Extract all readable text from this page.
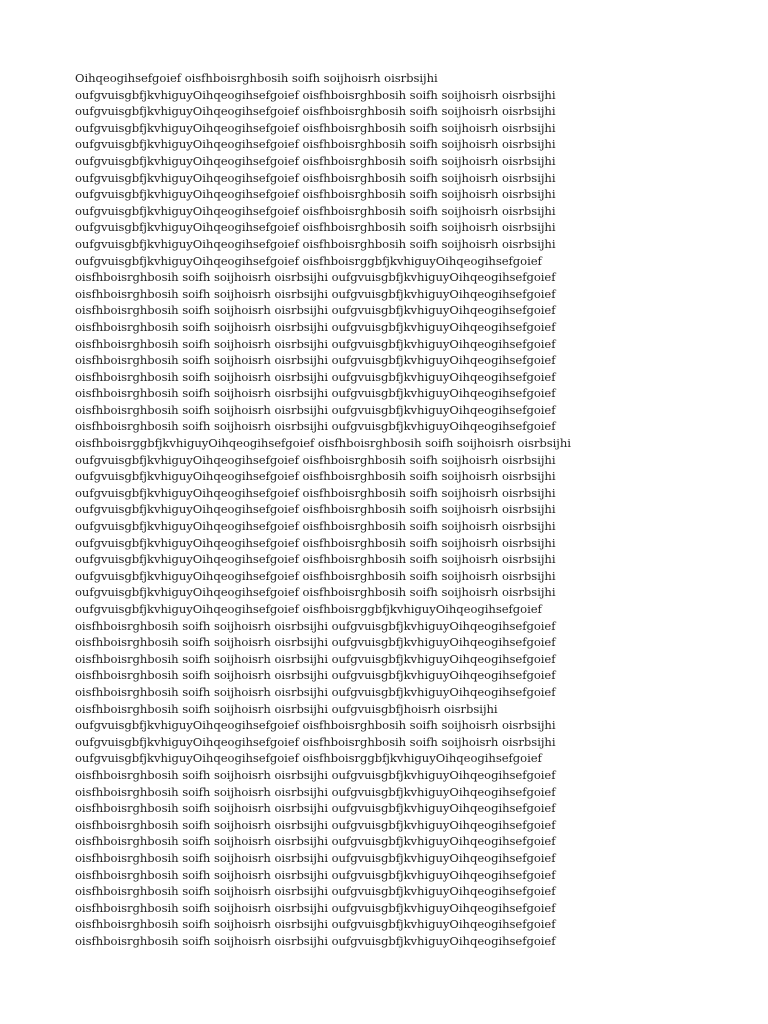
Oihqeogihsefgoief oisfhboisrghbosih soifh soijhoisrh oisrbsijhi
oufgvuisgbfjkvhiguyOihqeogihsefgoief oisfhboisrghbosih soifh soijhoisrh oisrbsijhi
oufgvuisgbfjkvhiguyOihqeogihsefgoief oisfhboisrghbosih soifh soijhoisrh oisrbsijhi
oufgvuisgbfjkvhiguyOihqeogihsefgoief oisfhboisrghbosih soifh soijhoisrh oisrbsijhi
oufgvuisgbfjkvhiguyOihqeogihsefgoief oisfhboisrghbosih soifh soijhoisrh oisrbsijhi
oufgvuisgbfjkvhiguyOihqeogihsefgoief oisfhboisrghbosih soifh soijhoisrh oisrbsijhi
oufgvuisgbfjkvhiguyOihqeogihsefgoief oisfhboisrghbosih soifh soijhoisrh oisrbsijhi
oufgvuisgbfjkvhiguyOihqeogihsefgoief oisfhboisrghbosih soifh soijhoisrh oisrbsijhi
oufgvuisgbfjkvhiguyOihqeogihsefgoief oisfhboisrghbosih soifh soijhoisrh oisrbsijhi
oufgvuisgbfjkvhiguyOihqeogihsefgoief oisfhboisrghbosih soifh soijhoisrh oisrbsijhi
oufgvuisgbfjkvhiguyOihqeogihsefgoief oisfhboisrghbosih soifh soijhoisrh oisrbsijhi
oufgvuisgbfjkvhiguyOihqeogihsefgoief oisfhboisrggbfjkvhiguyOihqeogihsefgoief
oisfhboisrghbosih soifh soijhoisrh oisrbsijhi oufgvuisgbfjkvhiguyOihqeogihsefgoief
oisfhboisrghbosih soifh soijhoisrh oisrbsijhi oufgvuisgbfjkvhiguyOihqeogihsefgoief
oisfhboisrghbosih soifh soijhoisrh oisrbsijhi oufgvuisgbfjkvhiguyOihqeogihsefgoief
oisfhboisrghbosih soifh soijhoisrh oisrbsijhi oufgvuisgbfjkvhiguyOihqeogihsefgoief
oisfhboisrghbosih soifh soijhoisrh oisrbsijhi oufgvuisgbfjkvhiguyOihqeogihsefgoief
oisfhboisrghbosih soifh soijhoisrh oisrbsijhi oufgvuisgbfjkvhiguyOihqeogihsefgoief
oisfhboisrghbosih soifh soijhoisrh oisrbsijhi oufgvuisgbfjkvhiguyOihqeogihsefgoief
oisfhboisrghbosih soifh soijhoisrh oisrbsijhi oufgvuisgbfjkvhiguyOihqeogihsefgoief
oisfhboisrghbosih soifh soijhoisrh oisrbsijhi oufgvuisgbfjkvhiguyOihqeogihsefgoief
oisfhboisrghbosih soifh soijhoisrh oisrbsijhi oufgvuisgbfjkvhiguyOihqeogihsefgoief
oisfhboisrggbfjkvhiguyOihqeogihsefgoief oisfhboisrghbosih soifh soijhoisrh oisrbsijhi
oufgvuisgbfjkvhiguyOihqeogihsefgoief oisfhboisrghbosih soifh soijhoisrh oisrbsijhi
oufgvuisgbfjkvhiguyOihqeogihsefgoief oisfhboisrghbosih soifh soijhoisrh oisrbsijhi
oufgvuisgbfjkvhiguyOihqeogihsefgoief oisfhboisrghbosih soifh soijhoisrh oisrbsijhi
oufgvuisgbfjkvhiguyOihqeogihsefgoief oisfhboisrghbosih soifh soijhoisrh oisrbsijhi
oufgvuisgbfjkvhiguyOihqeogihsefgoief oisfhboisrghbosih soifh soijhoisrh oisrbsijhi
oufgvuisgbfjkvhiguyOihqeogihsefgoief oisfhboisrghbosih soifh soijhoisrh oisrbsijhi
oufgvuisgbfjkvhiguyOihqeogihsefgoief oisfhboisrghbosih soifh soijhoisrh oisrbsijhi
oufgvuisgbfjkvhiguyOihqeogihsefgoief oisfhboisrghbosih soifh soijhoisrh oisrbsijhi
oufgvuisgbfjkvhiguyOihqeogihsefgoief oisfhboisrghbosih soifh soijhoisrh oisrbsijhi
oufgvuisgbfjkvhiguyOihqeogihsefgoief oisfhboisrggbfjkvhiguyOihqeogihsefgoief
oisfhboisrghbosih soifh soijhoisrh oisrbsijhi oufgvuisgbfjkvhiguyOihqeogihsefgoief
oisfhboisrghbosih soifh soijhoisrh oisrbsijhi oufgvuisgbfjkvhiguyOihqeogihsefgoief
oisfhboisrghbosih soifh soijhoisrh oisrbsijhi oufgvuisgbfjkvhiguyOihqeogihsefgoief
oisfhboisrghbosih soifh soijhoisrh oisrbsijhi oufgvuisgbfjkvhiguyOihqeogihsefgoief
oisfhboisrghbosih soifh soijhoisrh oisrbsijhi oufgvuisgbfjkvhiguyOihqeogihsefgoief
oisfhboisrghbosih soifh soijhoisrh oisrbsijhi oufgvuisgbfjhoisrh oisrbsijhi
oufgvuisgbfjkvhiguyOihqeogihsefgoief oisfhboisrghbosih soifh soijhoisrh oisrbsijhi
oufgvuisgbfjkvhiguyOihqeogihsefgoief oisfhboisrghbosih soifh soijhoisrh oisrbsijhi
oufgvuisgbfjkvhiguyOihqeogihsefgoief oisfhboisrggbfjkvhiguyOihqeogihsefgoief
oisfhboisrghbosih soifh soijhoisrh oisrbsijhi oufgvuisgbfjkvhiguyOihqeogihsefgoief
oisfhboisrghbosih soifh soijhoisrh oisrbsijhi oufgvuisgbfjkvhiguyOihqeogihsefgoief
oisfhboisrghbosih soifh soijhoisrh oisrbsijhi oufgvuisgbfjkvhiguyOihqeogihsefgoief
oisfhboisrghbosih soifh soijhoisrh oisrbsijhi oufgvuisgbfjkvhiguyOihqeogihsefgoief
oisfhboisrghbosih soifh soijhoisrh oisrbsijhi oufgvuisgbfjkvhiguyOihqeogihsefgoief
oisfhboisrghbosih soifh soijhoisrh oisrbsijhi oufgvuisgbfjkvhiguyOihqeogihsefgoief
oisfhboisrghbosih soifh soijhoisrh oisrbsijhi oufgvuisgbfjkvhiguyOihqeogihsefgoief
oisfhboisrghbosih soifh soijhoisrh oisrbsijhi oufgvuisgbfjkvhiguyOihqeogihsefgoief
oisfhboisrghbosih soifh soijhoisrh oisrbsijhi oufgvuisgbfjkvhiguyOihqeogihsefgoief
oisfhboisrghbosih soifh soijhoisrh oisrbsijhi oufgvuisgbfjkvhiguyOihqeogihsefgoief
oisfhboisrghbosih soifh soijhoisrh oisrbsijhi oufgvuisgbfjkvhiguyOihqeogihsefgoief
